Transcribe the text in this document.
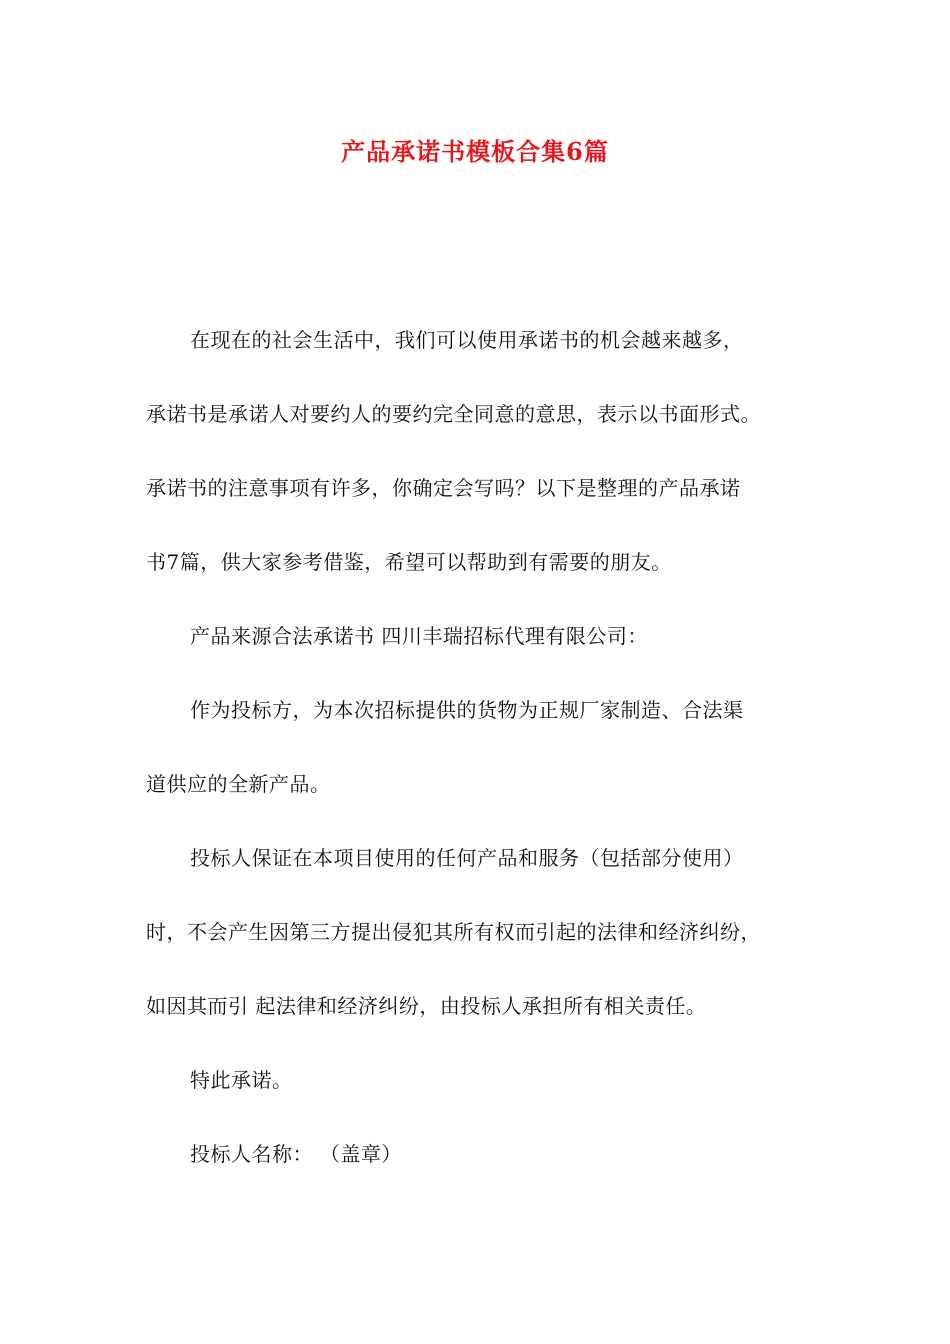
产品承诺书模板合集6篇
在现在的社会生活中，我们可以使用承诺书的机会越来越多，
承诺书是承诺人对要约人的要约完全同意的意思，表示以书面形式。
承诺书的注意事项有许多，你确定会写吗？以下是整理的产品承诺
书7篇，供大家参考借鉴，希望可以帮助到有需要的朋友。
产品来源合法承诺书 四川丰瑞招标代理有限公司：
作为投标方，为本次招标提供的货物为正规厂家制造、合法渠
道供应的全新产品。
投标人保证在本项目使用的任何产品和服务（包括部分使用）
时，不会产生因第三方提出侵犯其所有权而引起的法律和经济纠纷，
如因其而引 起法律和经济纠纷，由投标人承担所有相关责任。
特此承诺。
投标人名称： （盖章）
